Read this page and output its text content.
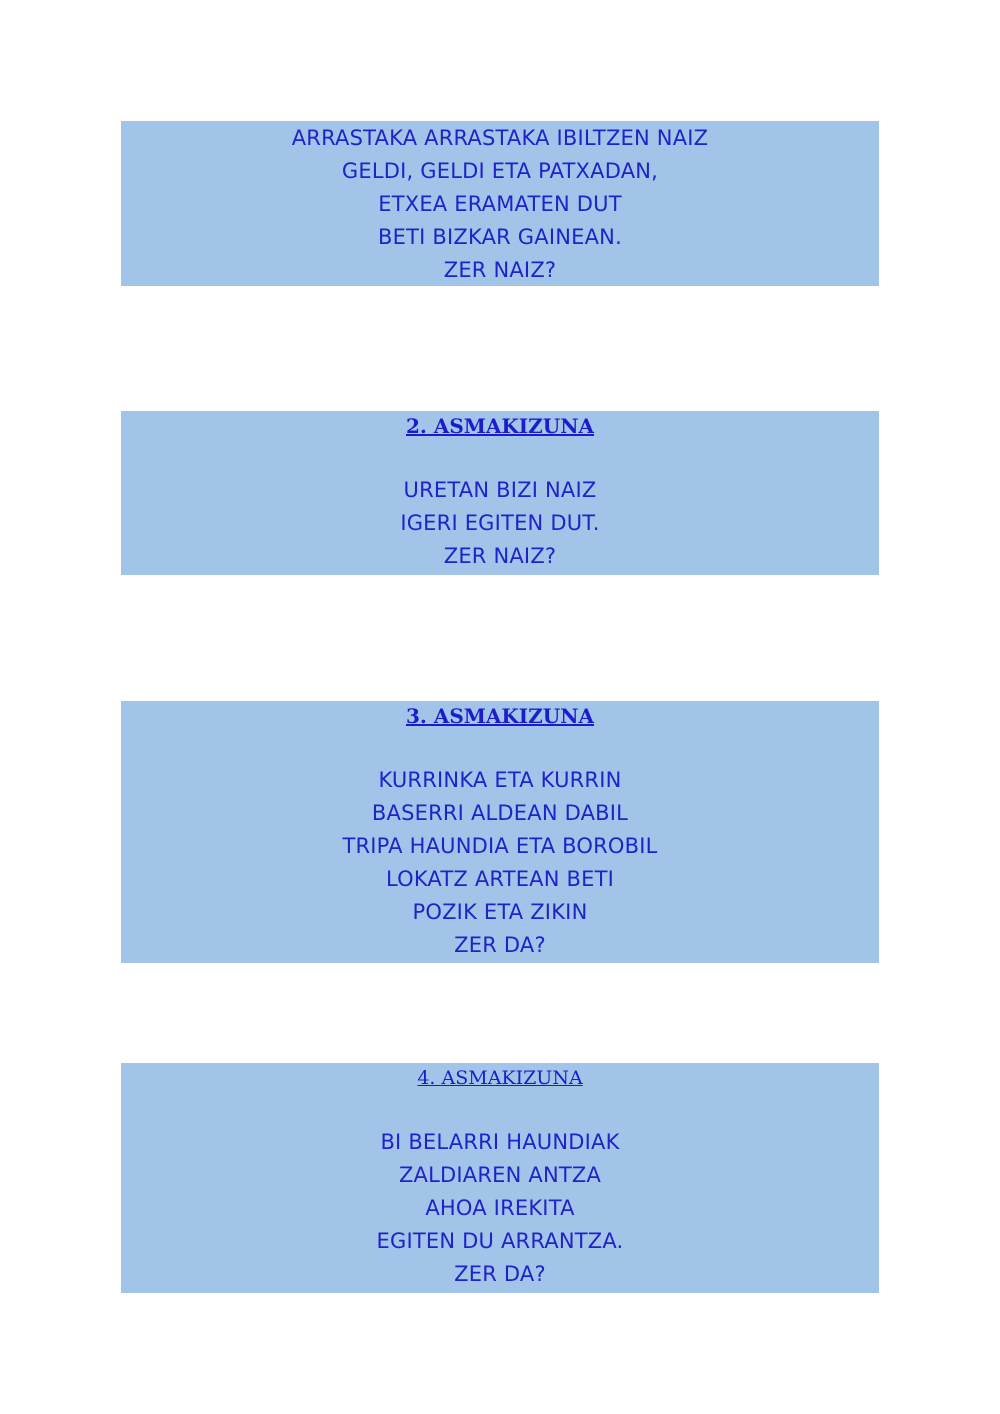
ARRASTAKA ARRASTAKA IBILTZEN NAIZ
GELDI, GELDI ETA PATXADAN,
ETXEA ERAMATEN DUT
BETI BIZKAR GAINEAN.
ZER NAIZ?
2. ASMAKIZUNA
URETAN BIZI NAIZ
IGERI EGITEN DUT.
ZER NAIZ?
3. ASMAKIZUNA
KURRINKA ETA KURRIN
BASERRI ALDEAN DABIL
TRIPA HAUNDIA ETA BOROBIL
LOKATZ ARTEAN BETI
POZIK ETA ZIKIN
ZER DA?
4. ASMAKIZUNA
BI BELARRI HAUNDIAK
ZALDIAREN ANTZA
AHOA IREKITA
EGITEN DU ARRANTZA.
ZER DA?
